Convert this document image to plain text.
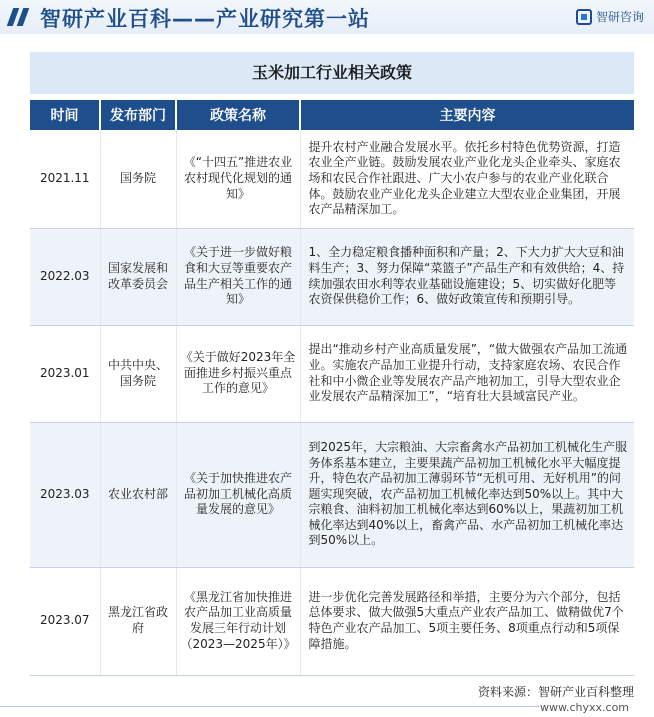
智研产业百科——产业研究第一站	智研咨询
玉米加工行业相关政策
时间	发布部门	政策名称	主要内容
2021.11	国务院	《“十四五”推进农业农村现代化规划的通知》	提升农村产业融合发展水平。依托乡村特色优势资源，打造农业全产业链。鼓励发展农业产业化龙头企业牵头、家庭农场和农民合作社跟进、广大小农户参与的农业产业化联合体。鼓励农业产业化龙头企业建立大型农业企业集团，开展农产品精深加工。
2022.03	国家发展和改革委员会	《关于进一步做好粮食和大豆等重要农产品生产相关工作的通知》	1、全力稳定粮食播种面积和产量；2、下大力扩大大豆和油料生产；3、努力保障“菜篮子”产品生产和有效供给；4、持续加强农田水利等农业基础设施建设；5、切实做好化肥等农资保供稳价工作；6、做好政策宣传和预期引导。
2023.01	中共中央、国务院	《关于做好2023年全面推进乡村振兴重点工作的意见》	提出“推动乡村产业高质量发展”，“做大做强农产品加工流通业。实施农产品加工业提升行动，支持家庭农场、农民合作社和中小微企业等发展农产品产地初加工，引导大型农业企业发展农产品精深加工”，“培育壮大县域富民产业。
2023.03	农业农村部	《关于加快推进农产品初加工机械化高质量发展的意见》	到2025年，大宗粮油、大宗畜禽水产品初加工机械化生产服务体系基本建立，主要果蔬产品初加工机械化水平大幅度提升，特色农产品初加工薄弱环节“无机可用、无好机用”的问题实现突破，农产品初加工机械化率达到50%以上。其中大宗粮食、油料初加工机械化率达到60%以上，果蔬初加工机械化率达到40%以上，畜禽产品、水产品初加工机械化率达到50%以上。
2023.07	黑龙江省政府	《黑龙江省加快推进农产品加工业高质量发展三年行动计划（2023—2025年）》	进一步优化完善发展路径和举措，主要分为六个部分，包括总体要求、做大做强5大重点产业农产品加工、做精做优7个特色产业农产品加工、5项主要任务、8项重点行动和5项保障措施。
资料来源：智研产业百科整理
www.chyxx.com
